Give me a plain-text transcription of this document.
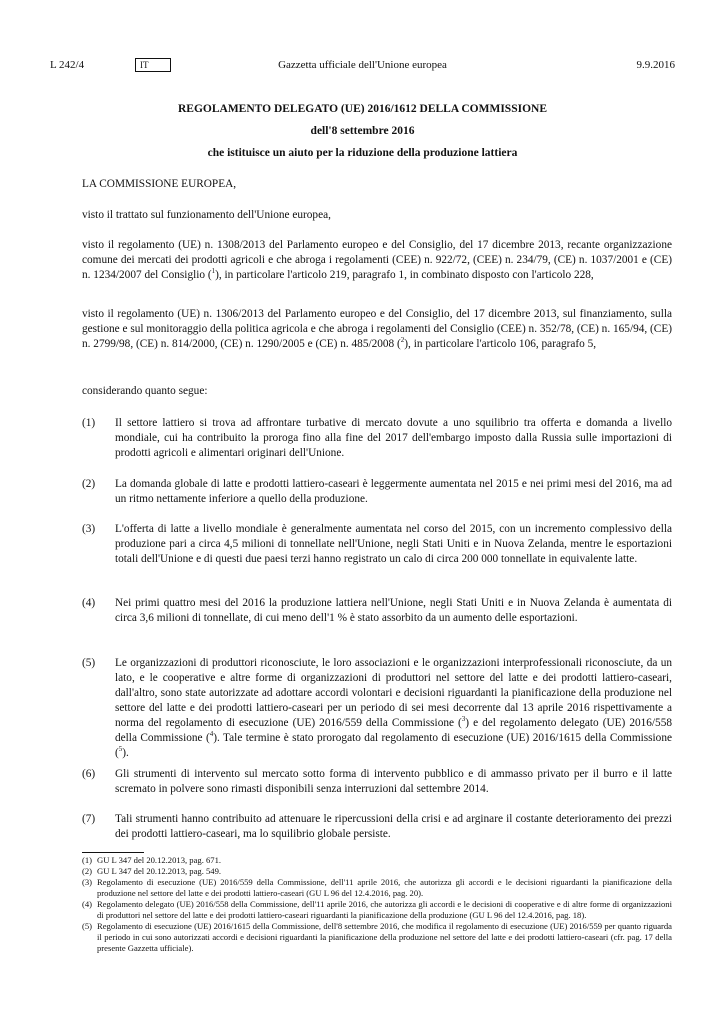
Gazzetta ufficiale dell'Unione europea
L 242/4	IT	9.9.2016
REGOLAMENTO DELEGATO (UE) 2016/1612 DELLA COMMISSIONE
dell'8 settembre 2016
che istituisce un aiuto per la riduzione della produzione lattiera

LA COMMISSIONE EUROPEA,

visto il trattato sul funzionamento dell'Unione europea,

visto il regolamento (UE) n. 1308/2013 del Parlamento europeo e del Consiglio, del 17 dicembre 2013, recante organizzazione comune dei mercati dei prodotti agricoli e che abroga i regolamenti (CEE) n. 922/72, (CEE) n. 234/79, (CE) n. 1037/2001 e (CE) n. 1234/2007 del Consiglio ($^1$), in particolare l'articolo 219, paragrafo 1, in combinato disposto con l'articolo 228,

visto il regolamento (UE) n. 1306/2013 del Parlamento europeo e del Consiglio, del 17 dicembre 2013, sul finanziamento, sulla gestione e sul monitoraggio della politica agricola e che abroga i regolamenti del Consiglio (CEE) n. 352/78, (CE) n. 165/94, (CE) n. 2799/98, (CE) n. 814/2000, (CE) n. 1290/2005 e (CE) n. 485/2008 ($^2$), in particolare l'articolo 106, paragrafo 5,

considerando quanto segue:

(1)	Il settore lattiero si trova ad affrontare turbative di mercato dovute a uno squilibrio tra offerta e domanda a livello mondiale, cui ha contribuito la proroga fino alla fine del 2017 dell'embargo imposto dalla Russia sulle importazioni di prodotti agricoli e alimentari originari dell'Unione.
(2)	La domanda globale di latte e prodotti lattiero-caseari è leggermente aumentata nel 2015 e nei primi mesi del 2016, ma ad un ritmo nettamente inferiore a quello della produzione.
(3)	L'offerta di latte a livello mondiale è generalmente aumentata nel corso del 2015, con un incremento complessivo della produzione pari a circa 4,5 milioni di tonnellate nell'Unione, negli Stati Uniti e in Nuova Zelanda, mentre le esportazioni totali dell'Unione e di questi due paesi terzi hanno registrato un calo di circa 200 000 tonnellate in equivalente latte.
(4)	Nei primi quattro mesi del 2016 la produzione lattiera nell'Unione, negli Stati Uniti e in Nuova Zelanda è aumentata di circa 3,6 milioni di tonnellate, di cui meno dell'1 % è stato assorbito da un aumento delle esportazioni.
(5)	Le organizzazioni di produttori riconosciute, le loro associazioni e le organizzazioni interprofessionali riconosciute, da un lato, e le cooperative e altre forme di organizzazioni di produttori nel settore del latte e dei prodotti lattiero-caseari, dall'altro, sono state autorizzate ad adottare accordi volontari e decisioni riguardanti la pianificazione della produzione nel settore del latte e dei prodotti lattiero-caseari per un periodo di sei mesi decorrente dal 13 aprile 2016 rispettivamente a norma del regolamento di esecuzione (UE) 2016/559 della Commissione ($^3$) e del regolamento delegato (UE) 2016/558 della Commissione ($^4$). Tale termine è stato prorogato dal regolamento di esecuzione (UE) 2016/1615 della Commissione ($^5$).
(6)	Gli strumenti di intervento sul mercato sotto forma di intervento pubblico e di ammasso privato per il burro e il latte scremato in polvere sono rimasti disponibili senza interruzioni dal settembre 2014.
(7)	Tali strumenti hanno contribuito ad attenuare le ripercussioni della crisi e ad arginare il costante deterioramento dei prezzi dei prodotti lattiero-caseari, ma lo squilibrio globale persiste.
(1) GU L 347 del 20.12.2013, pag. 671.
(2) GU L 347 del 20.12.2013, pag. 549.
(3) Regolamento di esecuzione (UE) 2016/559 della Commissione, dell'11 aprile 2016, che autorizza gli accordi e le decisioni riguardanti la pianificazione della produzione nel settore del latte e dei prodotti lattiero-caseari (GU L 96 del 12.4.2016, pag. 20).
(4) Regolamento delegato (UE) 2016/558 della Commissione, dell'11 aprile 2016, che autorizza gli accordi e le decisioni di cooperative e di altre forme di organizzazioni di produttori nel settore del latte e dei prodotti lattiero-caseari riguardanti la pianificazione della produzione (GU L 96 del 12.4.2016, pag. 18).
(5) Regolamento di esecuzione (UE) 2016/1615 della Commissione, dell'8 settembre 2016, che modifica il regolamento di esecuzione (UE) 2016/559 per quanto riguarda il periodo in cui sono autorizzati accordi e decisioni riguardanti la pianificazione della produzione nel settore del latte e dei prodotti lattiero-caseari (cfr. pag. 17 della presente Gazzetta ufficiale).
